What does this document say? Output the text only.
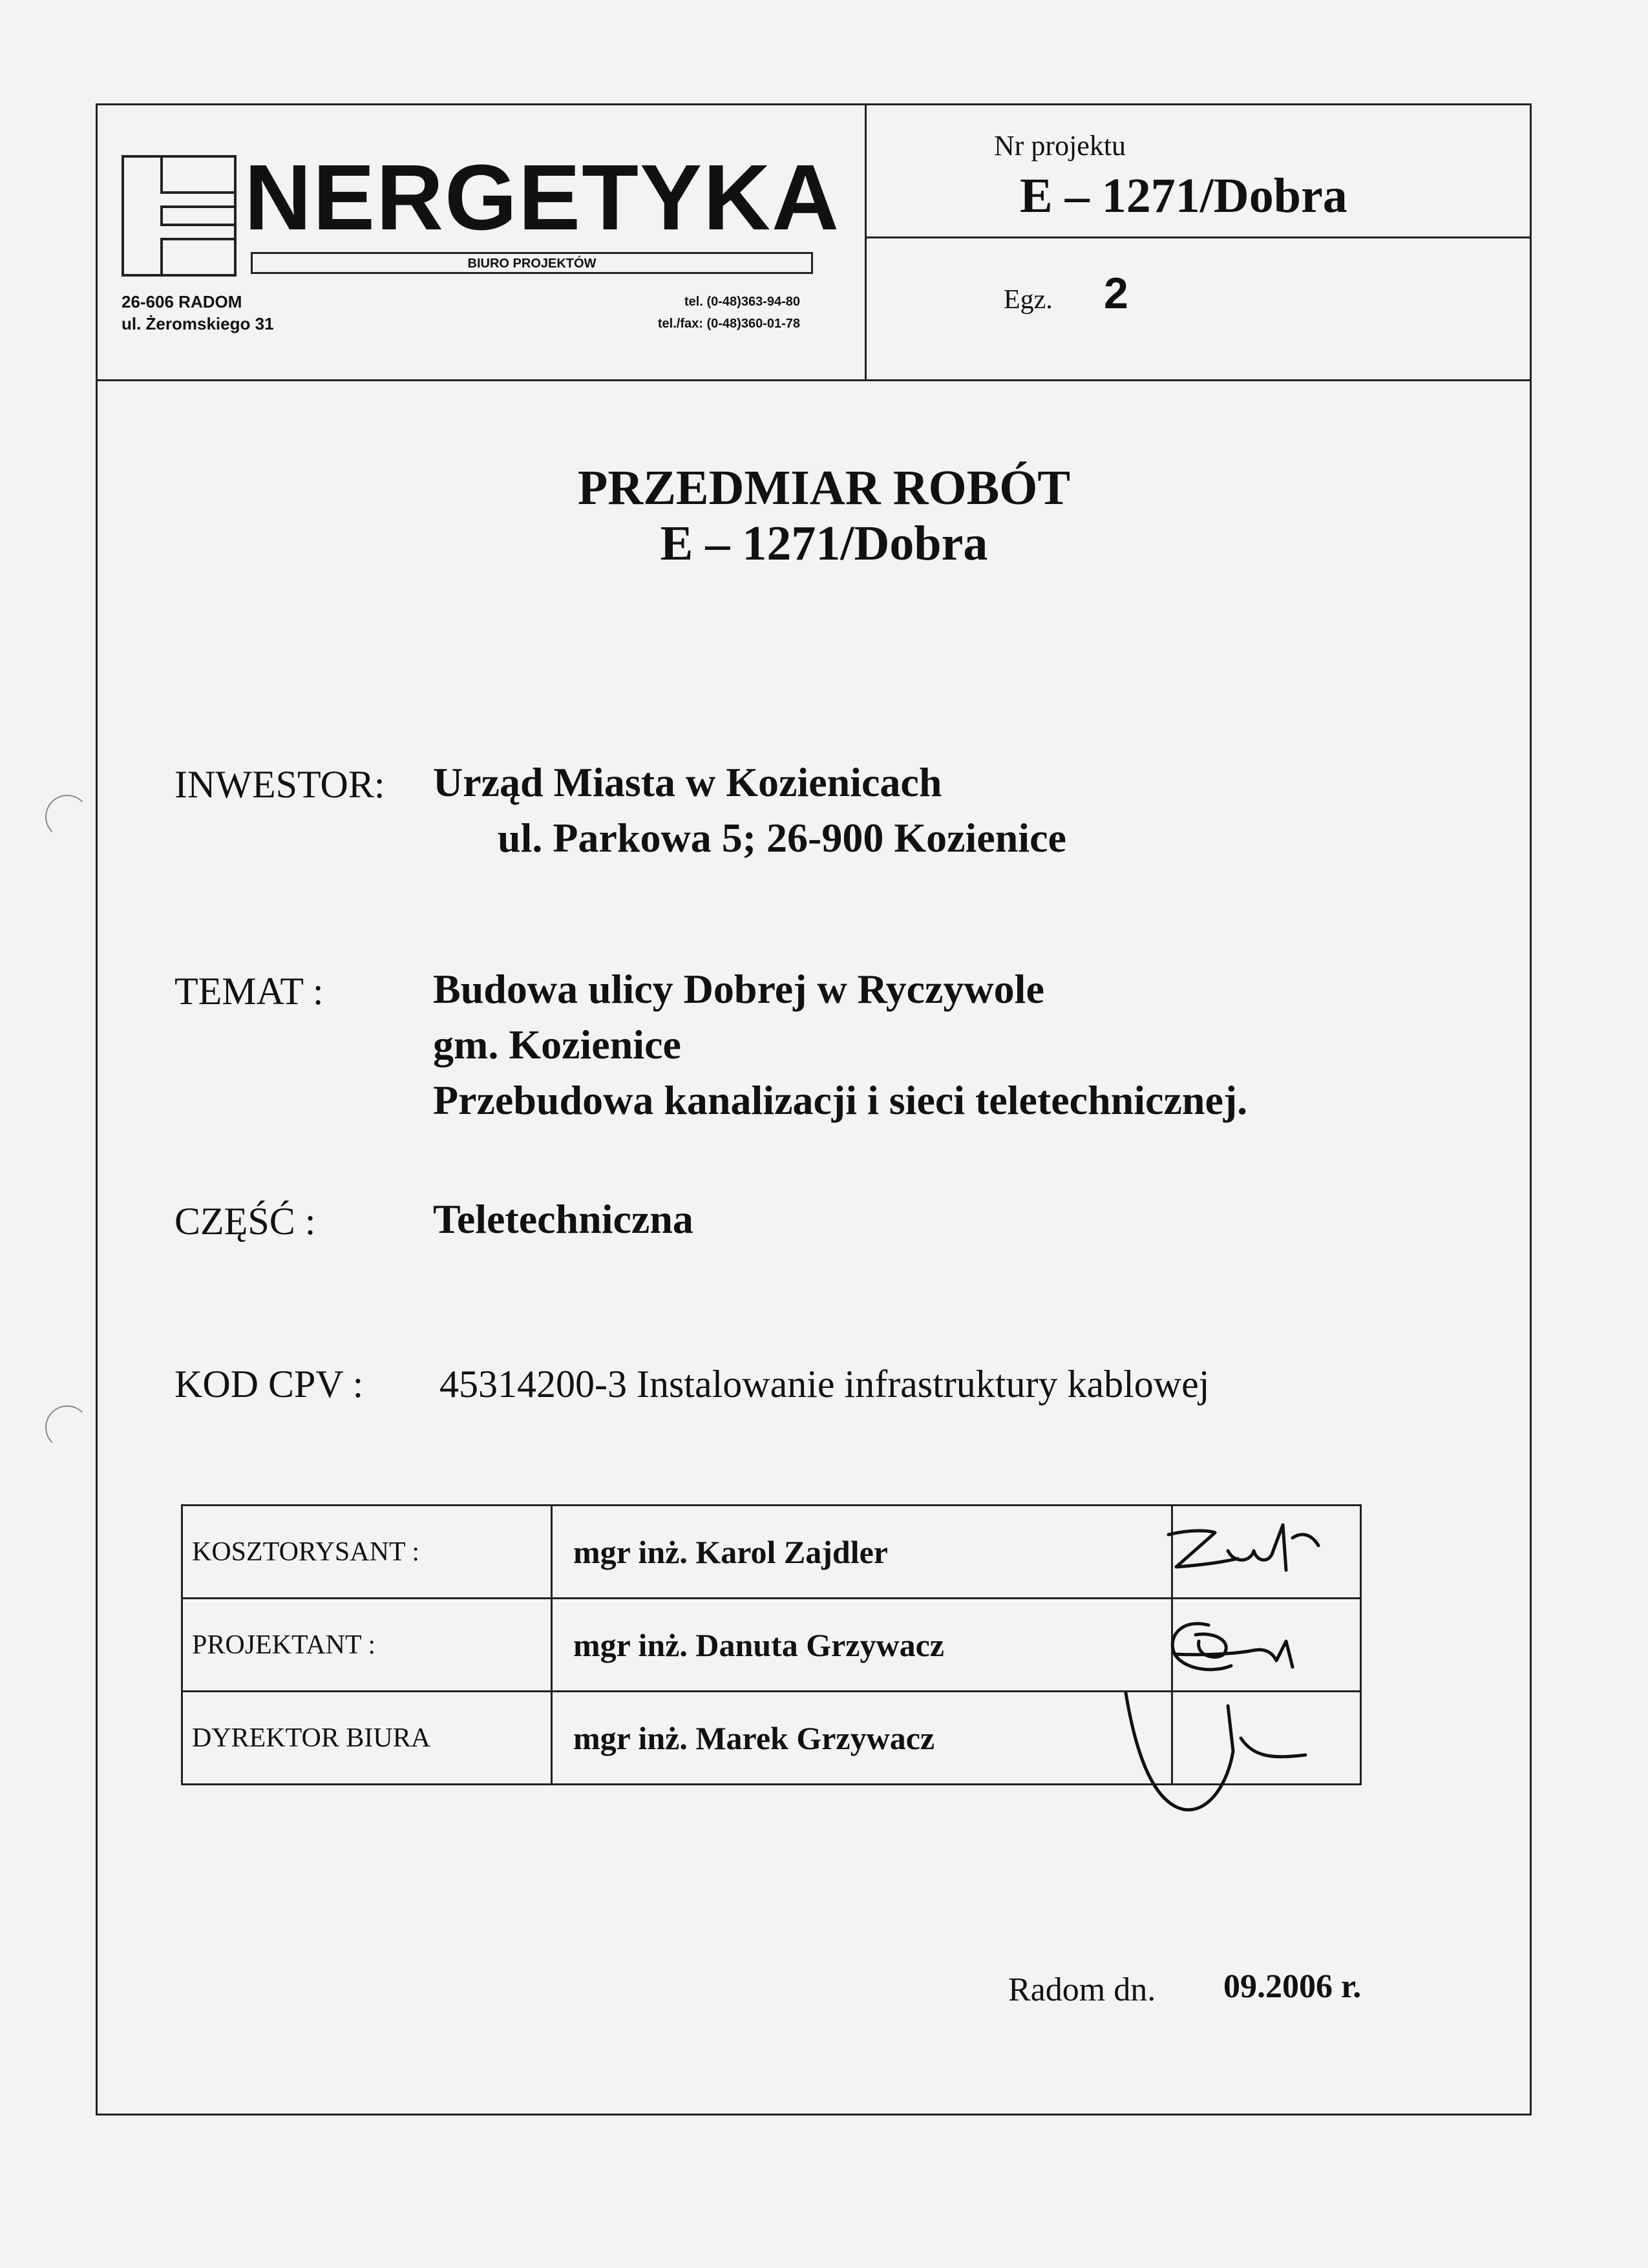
NERGETYKA
BIURO PROJEKTÓW
26-606 RADOM
ul. Żeromskiego 31
tel. (0-48)363-94-80
tel./fax: (0-48)360-01-78
Nr projektu
E – 1271/Dobra
Egz. 2
PRZEDMIAR ROBÓT
E – 1271/Dobra
INWESTOR: Urząd Miasta w Kozienicach
ul. Parkowa 5; 26-900 Kozienice
TEMAT :	Budowa ulicy Dobrej w Ryczywole
gm. Kozienice
Przebudowa kanalizacji i sieci teletechnicznej.
CZĘŚĆ :	Teletechniczna
KOD CPV : 45314200-3 Instalowanie infrastruktury kablowej
KOSZTORYSANT :	mgr inż. Karol Zajdler	
PROJEKTANT :	mgr inż. Danuta Grzywacz	
DYREKTOR BIURA	mgr inż. Marek Grzywacz	
Radom dn. 09.2006 r.
